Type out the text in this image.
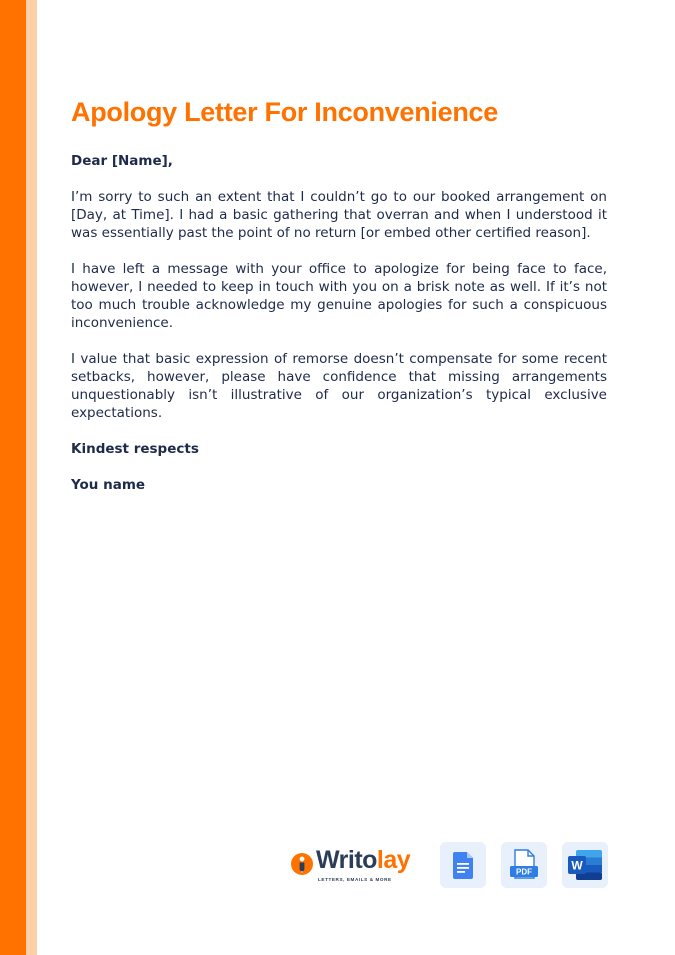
Apology Letter For Inconvenience

Dear [Name],

I’m sorry to such an extent that I couldn’t go to our booked arrangement on [Day, at Time]. I had a basic gathering that overran and when I understood it was essentially past the point of no return [or embed other certified reason].

I have left a message with your office to apologize for being face to face, however, I needed to keep in touch with you on a brisk note as well. If it’s not too much trouble acknowledge my genuine apologies for such a conspicuous inconvenience.

I value that basic expression of remorse doesn’t compensate for some recent setbacks, however, please have confidence that missing arrangements unquestionably isn’t illustrative of our organization’s typical exclusive expectations.

Kindest respects

You name

Writolay
LETTERS, EMAILS & MORE
PDF	W
